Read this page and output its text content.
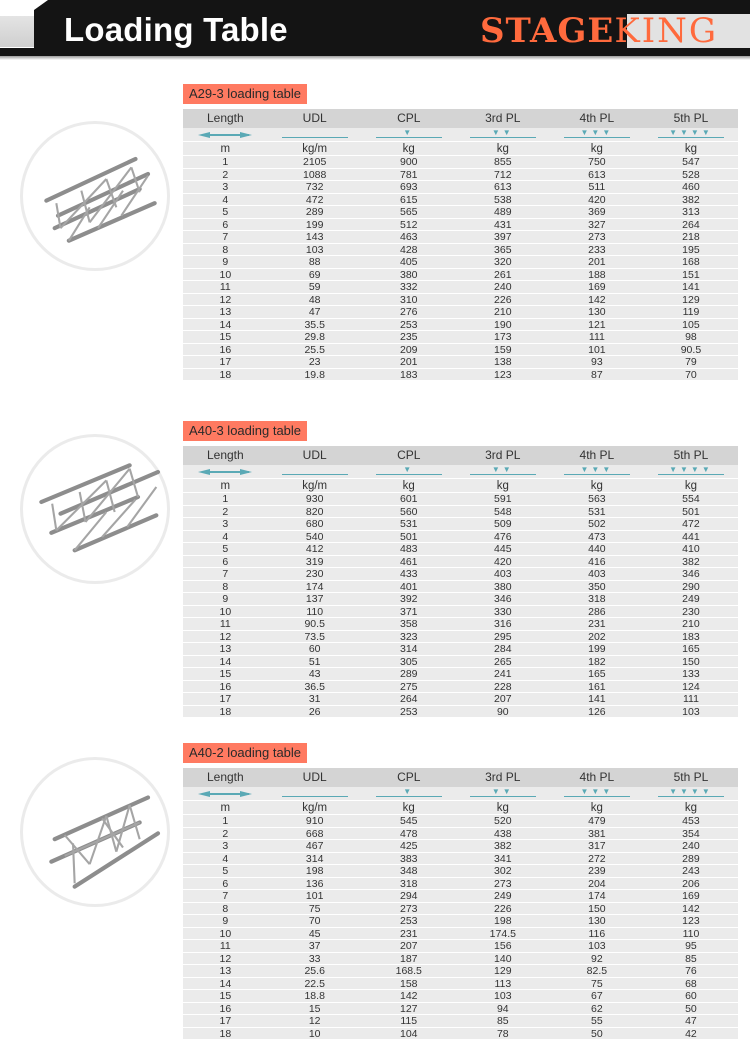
Loading Table	STAGEKING
A29-3 loading table
Length	UDL	CPL	3rd PL	4th PL	5th PL
▼	▼▼	▼▼▼	▼▼▼▼
m	kg/m	kg	kg	kg	kg
1	2105	900	855	750	547
2	1088	781	712	613	528
3	732	693	613	511	460
4	472	615	538	420	382
5	289	565	489	369	313
6	199	512	431	327	264
7	143	463	397	273	218
8	103	428	365	233	195
9	88	405	320	201	168
10	69	380	261	188	151
11	59	332	240	169	141
12	48	310	226	142	129
13	47	276	210	130	119
14	35.5	253	190	121	105
15	29.8	235	173	111	98
16	25.5	209	159	101	90.5
17	23	201	138	93	79
18	19.8	183	123	87	70
A40-3 loading table
Length	UDL	CPL	3rd PL	4th PL	5th PL
▼	▼▼	▼▼▼	▼▼▼▼
m	kg/m	kg	kg	kg	kg
1	930	601	591	563	554
2	820	560	548	531	501
3	680	531	509	502	472
4	540	501	476	473	441
5	412	483	445	440	410
6	319	461	420	416	382
7	230	433	403	403	346
8	174	401	380	350	290
9	137	392	346	318	249
10	110	371	330	286	230
11	90.5	358	316	231	210
12	73.5	323	295	202	183
13	60	314	284	199	165
14	51	305	265	182	150
15	43	289	241	165	133
16	36.5	275	228	161	124
17	31	264	207	141	111
18	26	253	90	126	103
A40-2 loading table
Length	UDL	CPL	3rd PL	4th PL	5th PL
▼	▼▼	▼▼▼	▼▼▼▼
m	kg/m	kg	kg	kg	kg
1	910	545	520	479	453
2	668	478	438	381	354
3	467	425	382	317	240
4	314	383	341	272	289
5	198	348	302	239	243
6	136	318	273	204	206
7	101	294	249	174	169
8	75	273	226	150	142
9	70	253	198	130	123
10	45	231	174.5	116	110
11	37	207	156	103	95
12	33	187	140	92	85
13	25.6	168.5	129	82.5	76
14	22.5	158	113	75	68
15	18.8	142	103	67	60
16	15	127	94	62	50
17	12	115	85	55	47
18	10	104	78	50	42
